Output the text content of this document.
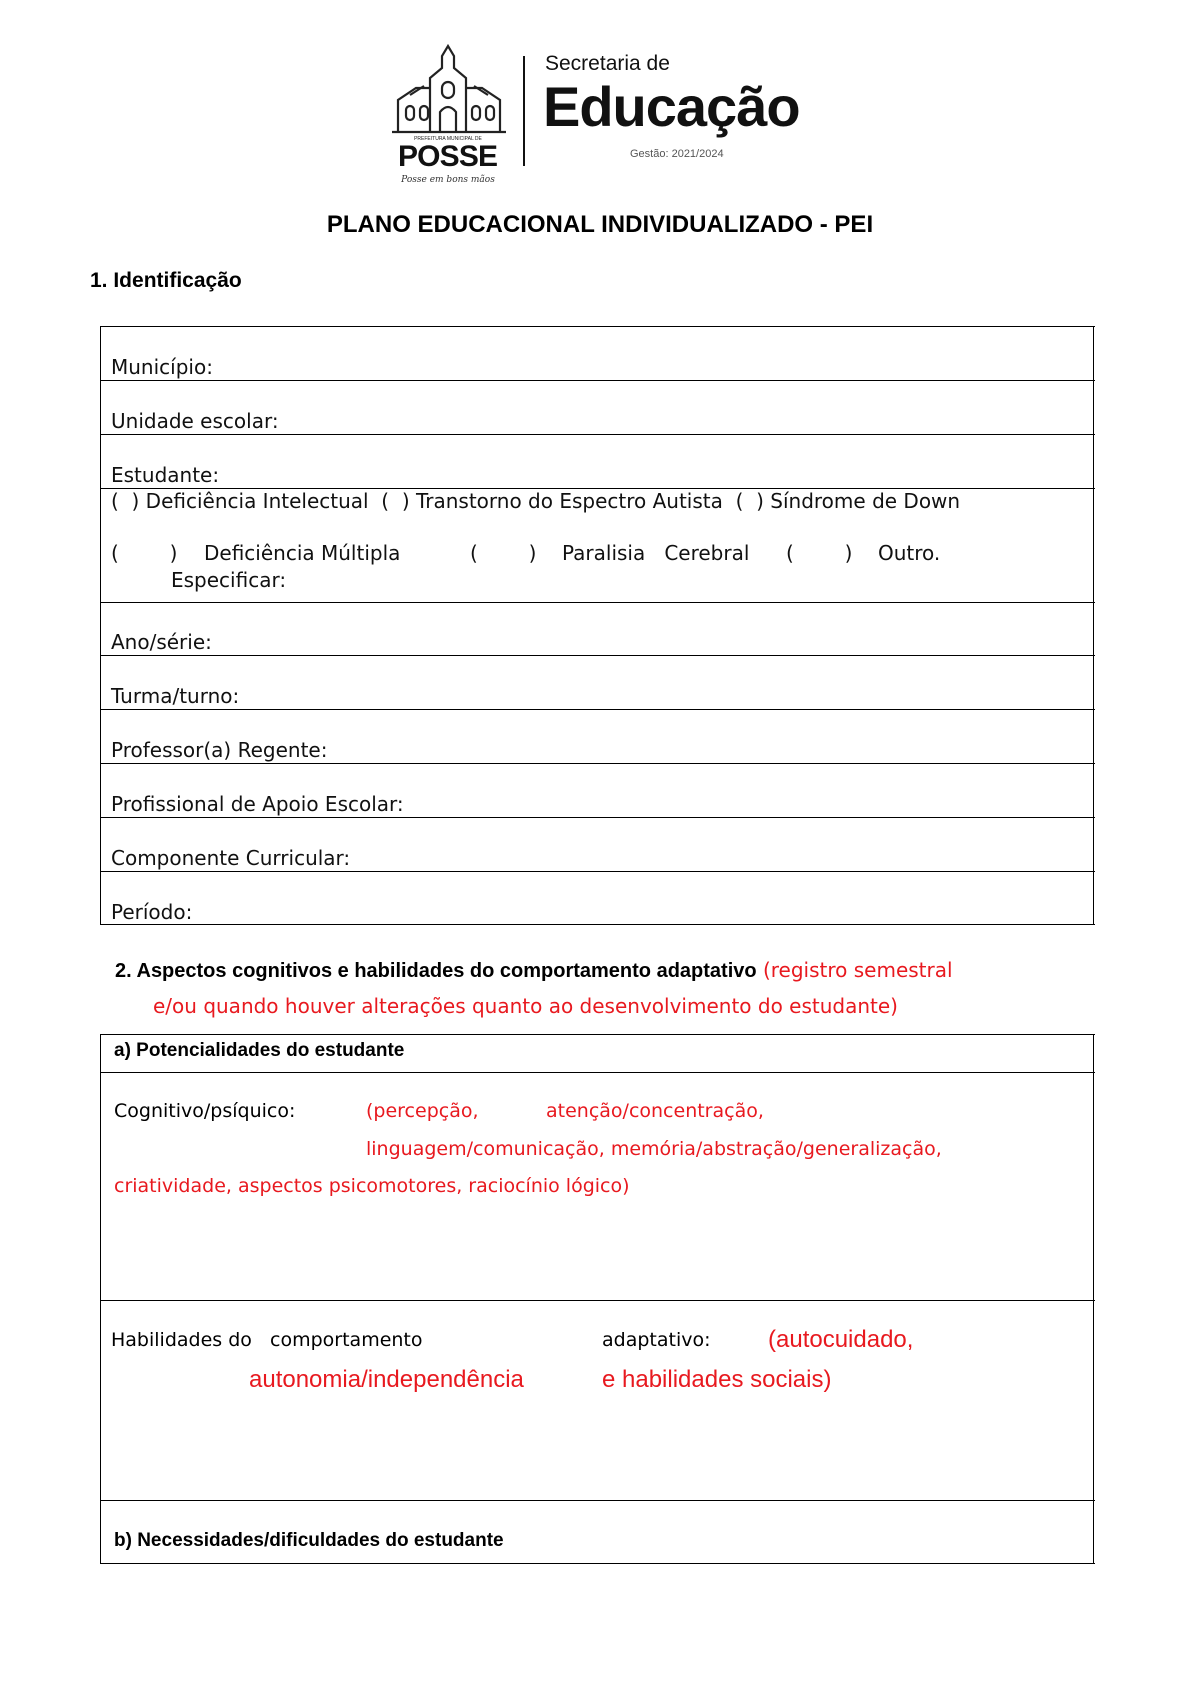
PREFEITURA MUNICIPAL DE
POSSE
Posse em bons mãos
Secretaria de
Educação
Gestão: 2021/2024
PLANO EDUCACIONAL INDIVIDUALIZADO - PEI
1. Identificação
Município:
Unidade escolar:
Estudante:
(  ) Deficiência Intelectual  (  ) Transtorno do Espectro Autista  (  ) Síndrome de Down
(        ) Deficiência Múltipla	(        ) Paralisia   Cerebral (        ) Outro.
Especificar:
Ano/série:
Turma/turno:
Professor(a) Regente:
Profissional de Apoio Escolar:
Componente Curricular:
Período:
2. Aspectos cognitivos e habilidades do comportamento adaptativo (registro semestral
e/ou quando houver alterações quanto ao desenvolvimento do estudante)
a) Potencialidades do estudante
Cognitivo/psíquico:	(percepção,	atenção/concentração,
linguagem/comunicação, memória/abstração/generalização,
criatividade, aspectos psicomotores, raciocínio lógico)
Habilidades do   comportamento	adaptativo: (autocuidado,
autonomia/independência	e habilidades sociais)
b) Necessidades/dificuldades do estudante
